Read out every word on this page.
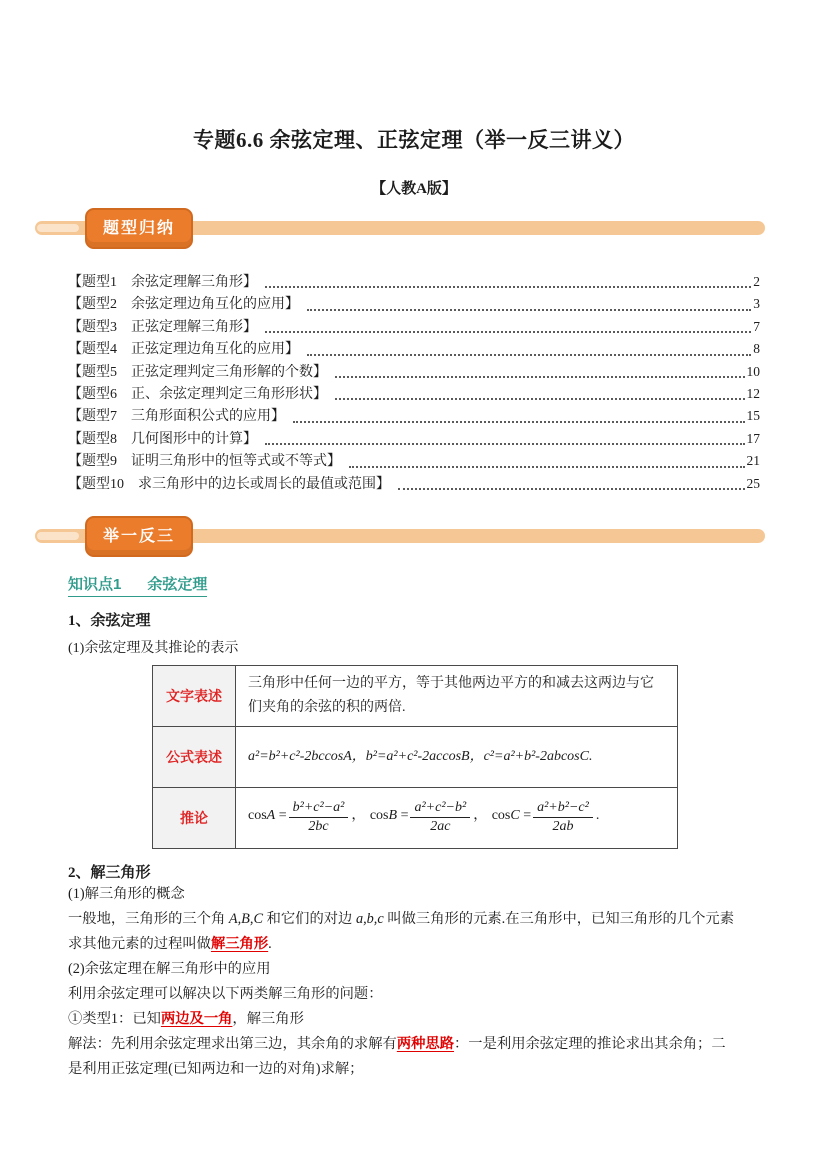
专题6.6 余弦定理、正弦定理（举一反三讲义）
【人教A版】
题型归纳
【题型1　余弦定理解三角形】	2
【题型2　余弦定理边角互化的应用】	3
【题型3　正弦定理解三角形】	7
【题型4　正弦定理边角互化的应用】	8
【题型5　正弦定理判定三角形解的个数】	10
【题型6　正、余弦定理判定三角形形状】	12
【题型7　三角形面积公式的应用】	15
【题型8　几何图形中的计算】	17
【题型9　证明三角形中的恒等式或不等式】	21
【题型10　求三角形中的边长或周长的最值或范围】	25
举一反三
知识点1 余弦定理
1、余弦定理
(1)余弦定理及其推论的表示
文字表述	三角形中任何一边的平方，等于其他两边平方的和减去这两边与它们夹角的余弦的积的两倍.
公式表述	a²=b²+c²-2bccosA，b²=a²+c²-2accosB，c²=a²+b²-2abcosC.
推论	$\cos A = \frac{\text{b²+c²−a²}}{2bc}$ ， $\cos B = \frac{\text{a²+c²−b²}}{2ac}$ ， $\cos C = \frac{\text{a²+b²−c²}}{2ab}$ .
2、解三角形
(1)解三角形的概念
一般地，三角形的三个角 A,B,C 和它们的对边 a,b,c 叫做三角形的元素.在三角形中，已知三角形的几个元素
求其他元素的过程叫做解三角形.
(2)余弦定理在解三角形中的应用
利用余弦定理可以解决以下两类解三角形的问题：
①类型1：已知两边及一角，解三角形
解法：先利用余弦定理求出第三边，其余角的求解有两种思路：一是利用余弦定理的推论求出其余角；二
是利用正弦定理(已知两边和一边的对角)求解；
